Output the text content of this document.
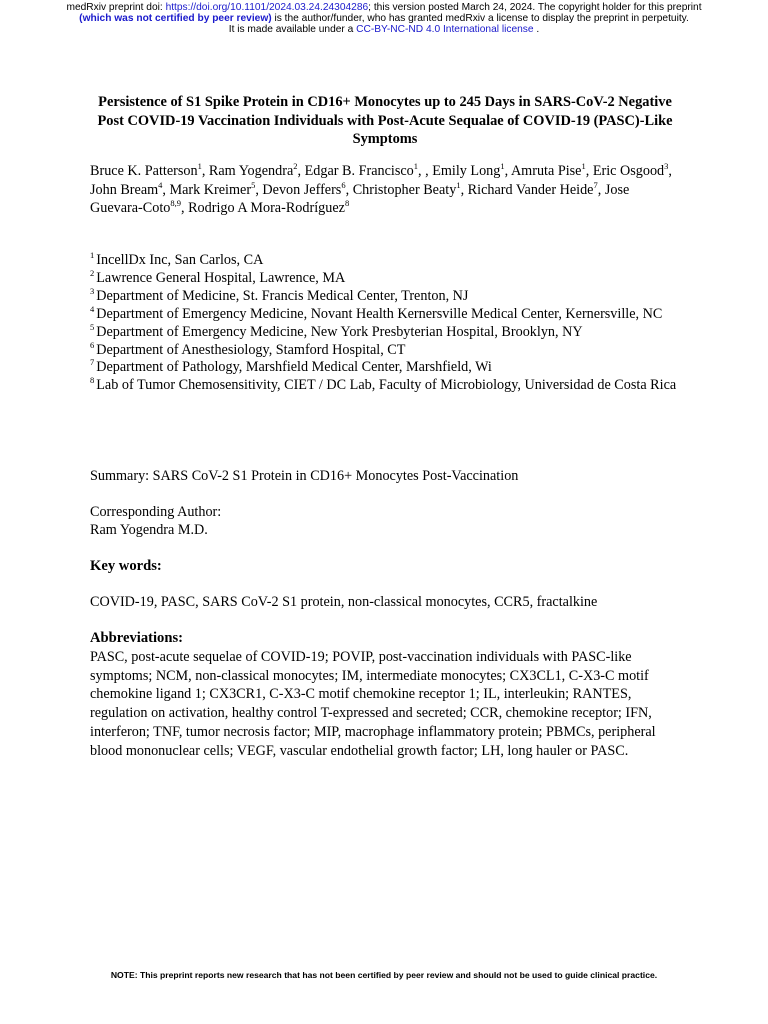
medRxiv preprint doi: https://doi.org/10.1101/2024.03.24.24304286; this version posted March 24, 2024. The copyright holder for this preprint
(which was not certified by peer review) is the author/funder, who has granted medRxiv a license to display the preprint in perpetuity.
It is made available under a CC-BY-NC-ND 4.0 International license .
Persistence of S1 Spike Protein in CD16+ Monocytes up to 245 Days in SARS-CoV-2 Negative Post COVID-19 Vaccination Individuals with Post-Acute Sequalae of COVID-19 (PASC)-Like Symptoms
Bruce K. Patterson$^1$, Ram Yogendra$^2$, Edgar B. Francisco$^1$, , Emily Long$^1$, Amruta Pise$^1$, Eric Osgood$^3$, John Bream$^4$, Mark Kreimer$^5$, Devon Jeffers$^6$, Christopher Beaty$^1$, Richard Vander Heide$^7$, Jose Guevara-Coto$^{8,9}$, Rodrigo A Mora-Rodríguez$^8$
$^1$ IncellDx Inc, San Carlos, CA
$^2$ Lawrence General Hospital, Lawrence, MA
$^3$ Department of Medicine, St. Francis Medical Center, Trenton, NJ
$^4$ Department of Emergency Medicine, Novant Health Kernersville Medical Center, Kernersville, NC
$^5$ Department of Emergency Medicine, New York Presbyterian Hospital, Brooklyn, NY
$^6$ Department of Anesthesiology, Stamford Hospital, CT
$^7$ Department of Pathology, Marshfield Medical Center, Marshfield, Wi
$^8$ Lab of Tumor Chemosensitivity, CIET / DC Lab, Faculty of Microbiology, Universidad de Costa Rica
Summary: SARS CoV-2 S1 Protein in CD16+ Monocytes Post-Vaccination
Corresponding Author:
Ram Yogendra M.D.
Key words:
COVID-19, PASC, SARS CoV-2 S1 protein, non-classical monocytes, CCR5, fractalkine
Abbreviations:
PASC, post-acute sequelae of COVID-19; POVIP, post-vaccination individuals with PASC-like symptoms; NCM, non-classical monocytes; IM, intermediate monocytes; CX3CL1, C-X3-C motif chemokine ligand 1; CX3CR1, C-X3-C motif chemokine receptor 1; IL, interleukin; RANTES, regulation on activation, healthy control T-expressed and secreted; CCR, chemokine receptor; IFN, interferon; TNF, tumor necrosis factor; MIP, macrophage inflammatory protein; PBMCs, peripheral blood mononuclear cells; VEGF, vascular endothelial growth factor; LH, long hauler or PASC.
NOTE: This preprint reports new research that has not been certified by peer review and should not be used to guide clinical practice.
